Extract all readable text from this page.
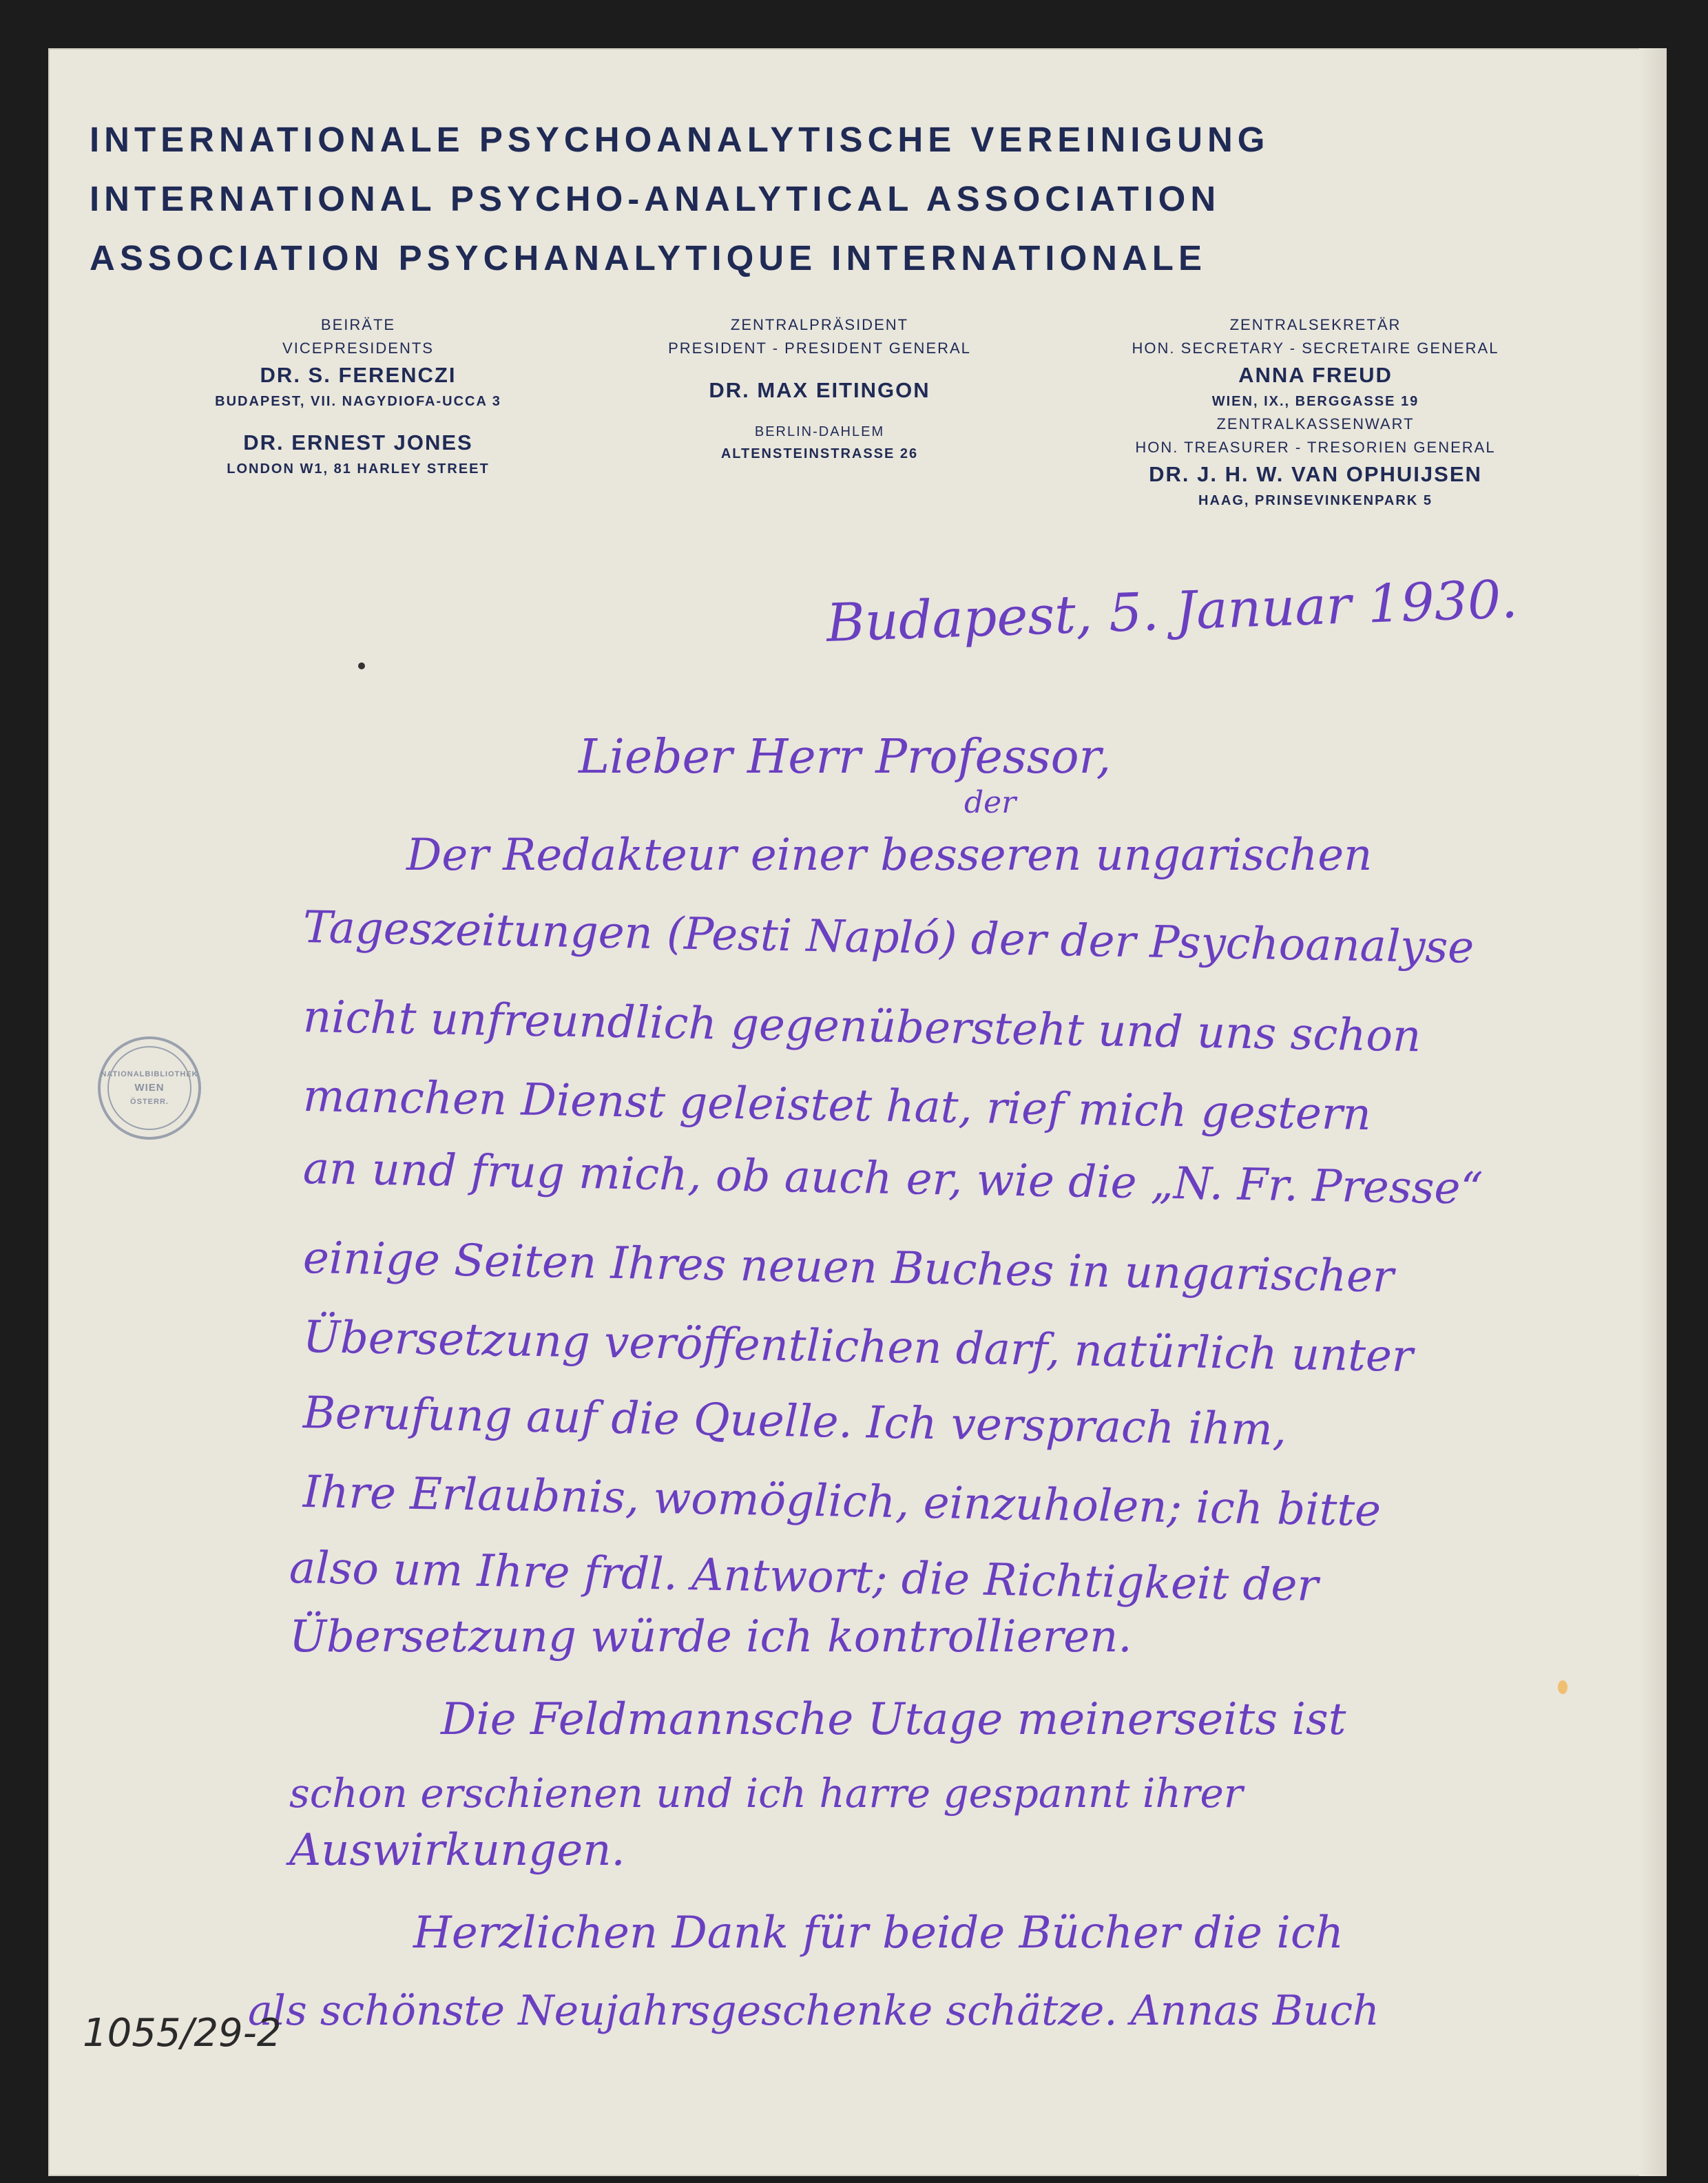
INTERNATIONALE PSYCHOANALYTISCHE VEREINIGUNG

INTERNATIONAL PSYCHO-ANALYTICAL ASSOCIATION

ASSOCIATION PSYCHANALYTIQUE INTERNATIONALE

BEIRÄTE
VICEPRESIDENTS
DR. S. FERENCZI
BUDAPEST, VII. NAGYDIOFA-UCCA 3
DR. ERNEST JONES
LONDON W1, 81 HARLEY STREET
ZENTRALPRÄSIDENT
PRESIDENT - PRESIDENT GENERAL
DR. MAX EITINGON
BERLIN-DAHLEM
ALTENSTEINSTRASSE 26
ZENTRALSEKRETÄR
HON. SECRETARY - SECRETAIRE GENERAL
ANNA FREUD
WIEN, IX., BERGGASSE 19
ZENTRALKASSENWART
HON. TREASURER - TRESORIEN GENERAL
DR. J. H. W. VAN OPHUIJSEN
HAAG, PRINSEVINKENPARK 5
NATIONALBIBLIOTHEK
WIEN
ÖSTERR.
Budapest, 5. Januar 1930.
Lieber Herr Professor,
der
Der Redakteur einer besseren ungarischen
Tageszeitungen (Pesti Napló) der der Psychoanalyse
nicht unfreundlich gegenübersteht und uns schon
manchen Dienst geleistet hat, rief mich gestern
an und frug mich, ob auch er, wie die „N. Fr. Presse“
einige Seiten Ihres neuen Buches in ungarischer
Übersetzung veröffentlichen darf, natürlich unter
Berufung auf die Quelle. Ich versprach ihm,
Ihre Erlaubnis, womöglich, einzuholen; ich bitte
also um Ihre frdl. Antwort; die Richtigkeit der
Übersetzung würde ich kontrollieren.
Die Feldmannsche Utage meinerseits ist
schon erschienen und ich harre gespannt ihrer
Auswirkungen.
Herzlichen Dank für beide Bücher die ich
als schönste Neujahrsgeschenke schätze. Annas Buch
1055/29-2
